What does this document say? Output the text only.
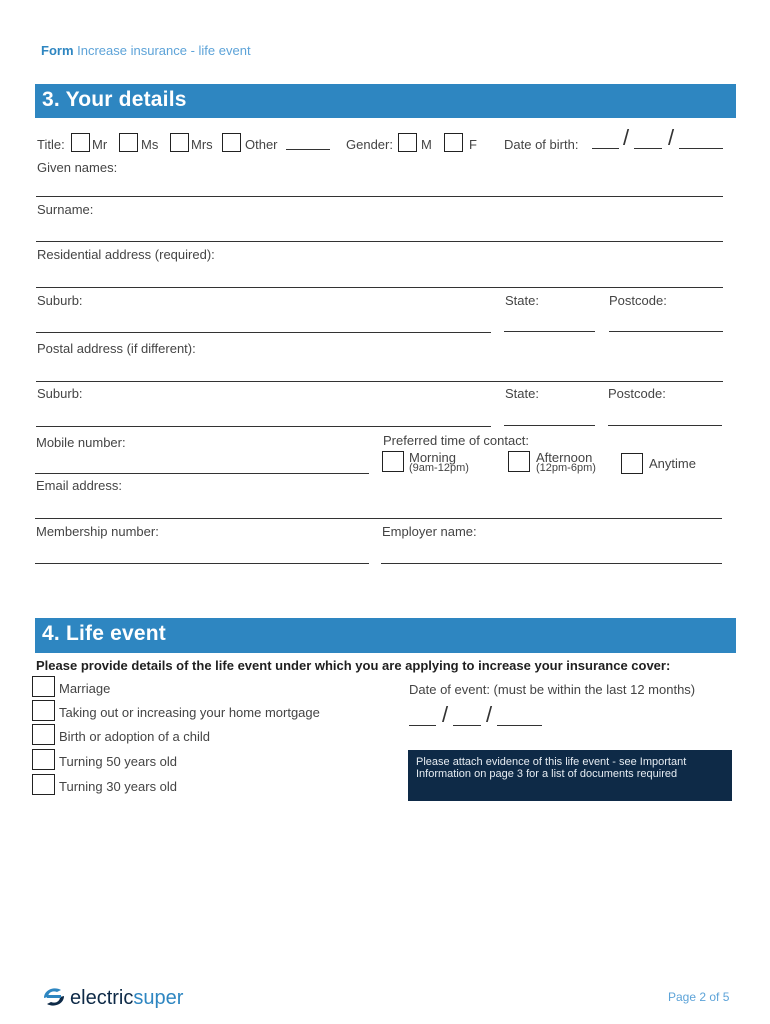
Form Increase insurance - life event
3. Your details
Title: Mr	Ms	Mrs Other	Gender: M	F Date of birth: / /
Given names:
Surname:
Residential address (required):
Suburb:	State:	Postcode:
Postal address (if different):
Suburb:	State:	Postcode:
Mobile number:	Preferred time of contact:
Morning
(9am-12pm)
Afternoon
(12pm-6pm)	Anytime
Email address:
Membership number:	Employer name:
4. Life event
Please provide details of the life event under which you are applying to increase your insurance cover:
Marriage
Taking out or increasing your home mortgage
Birth or adoption of a child
Turning 50 years old
Turning 30 years old
Date of event: (must be within the last 12 months)
/ /
Please attach evidence of this life event - see Important Information on page 3 for a list of documents required
electricsuper	Page 2 of 5
